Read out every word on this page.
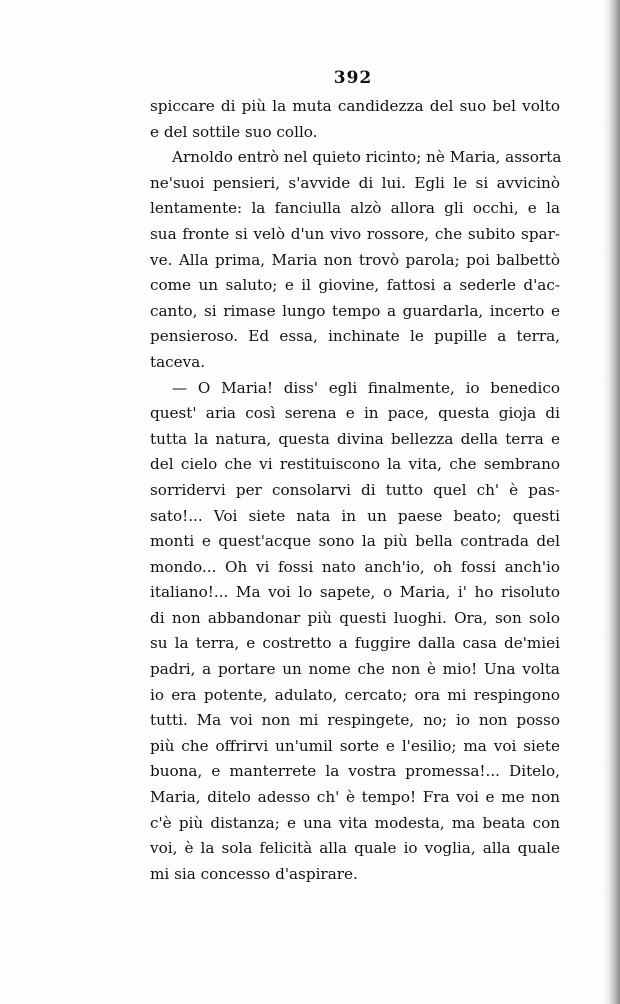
392
spiccare di più la muta candidezza del suo bel volto
e del sottile suo collo.
Arnoldo entrò nel quieto ricinto; nè Maria, assorta
ne'suoi pensieri, s'avvide di lui. Egli le si avvicinò
lentamente: la fanciulla alzò allora gli occhi, e la
sua fronte si velò d'un vivo rossore, che subito spar-
ve. Alla prima, Maria non trovò parola; poi balbettò
come un saluto; e il giovine, fattosi a sederle d'ac-
canto, si rimase lungo tempo a guardarla, incerto e
pensieroso. Ed essa, inchinate le pupille a terra,
taceva.
— O Maria! diss' egli finalmente, io benedico
quest' aria così serena e in pace, questa gioja di
tutta la natura, questa divina bellezza della terra e
del cielo che vi restituiscono la vita, che sembrano
sorridervi per consolarvi di tutto quel ch' è pas-
sato!... Voi siete nata in un paese beato; questi
monti e quest'acque sono la più bella contrada del
mondo... Oh vi fossi nato anch'io, oh fossi anch'io
italiano!... Ma voi lo sapete, o Maria, i' ho risoluto
di non abbandonar più questi luoghi. Ora, son solo
su la terra, e costretto a fuggire dalla casa de'miei
padri, a portare un nome che non è mio! Una volta
io era potente, adulato, cercato; ora mi respingono
tutti. Ma voi non mi respingete, no; io non posso
più che offrirvi un'umil sorte e l'esilio; ma voi siete
buona, e manterrete la vostra promessa!... Ditelo,
Maria, ditelo adesso ch' è tempo! Fra voi e me non
c'è più distanza; e una vita modesta, ma beata con
voi, è la sola felicità alla quale io voglia, alla quale
mi sia concesso d'aspirare.
